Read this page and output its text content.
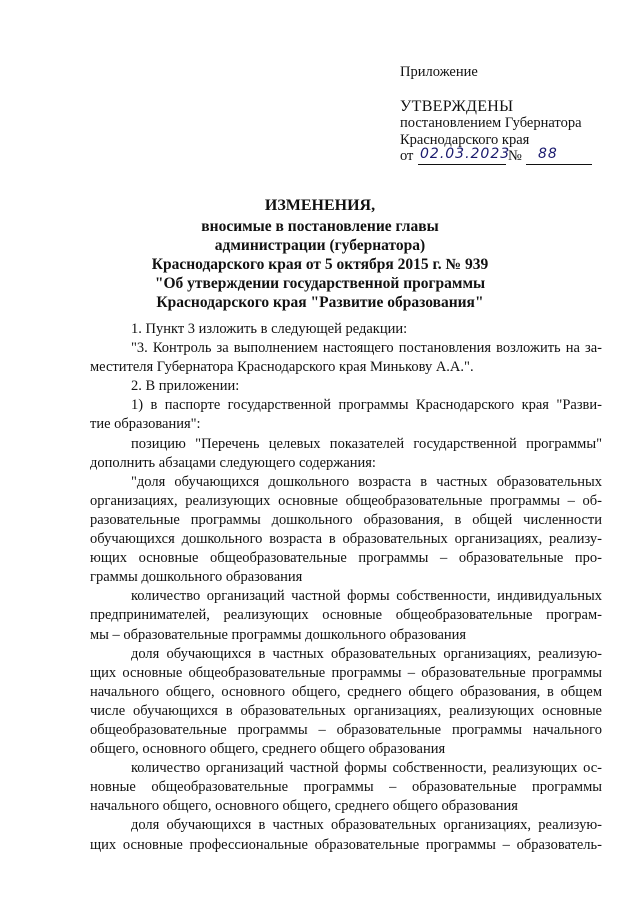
Приложение
УТВЕРЖДЕНЫ
постановлением Губернатора
Краснодарского края
от 02.03.2023
№ 88
ИЗМЕНЕНИЯ,
вносимые в постановление главы
администрации (губернатора)
Краснодарского края от 5 октября 2015 г. № 939
"Об утверждении государственной программы
Краснодарского края "Развитие образования"
1. Пункт 3 изложить в следующей редакции:
"3. Контроль за выполнением настоящего постановления возложить на за-
местителя Губернатора Краснодарского края Минькову А.А.".
2. В приложении:
1) в паспорте государственной программы Краснодарского края "Разви-
тие образования":
позицию "Перечень целевых показателей государственной программы"
дополнить абзацами следующего содержания:
"доля обучающихся дошкольного возраста в частных образовательных
организациях, реализующих основные общеобразовательные программы – об-
разовательные программы дошкольного образования, в общей численности
обучающихся дошкольного возраста в образовательных организациях, реализу-
ющих основные общеобразовательные программы – образовательные про-
граммы дошкольного образования
количество организаций частной формы собственности, индивидуальных
предпринимателей, реализующих основные общеобразовательные програм-
мы – образовательные программы дошкольного образования
доля обучающихся в частных образовательных организациях, реализую-
щих основные общеобразовательные программы – образовательные программы
начального общего, основного общего, среднего общего образования, в общем
числе обучающихся в образовательных организациях, реализующих основные
общеобразовательные программы – образовательные программы начального
общего, основного общего, среднего общего образования
количество организаций частной формы собственности, реализующих ос-
новные общеобразовательные программы – образовательные программы
начального общего, основного общего, среднего общего образования
доля обучающихся в частных образовательных организациях, реализую-
щих основные профессиональные образовательные программы – образователь-
